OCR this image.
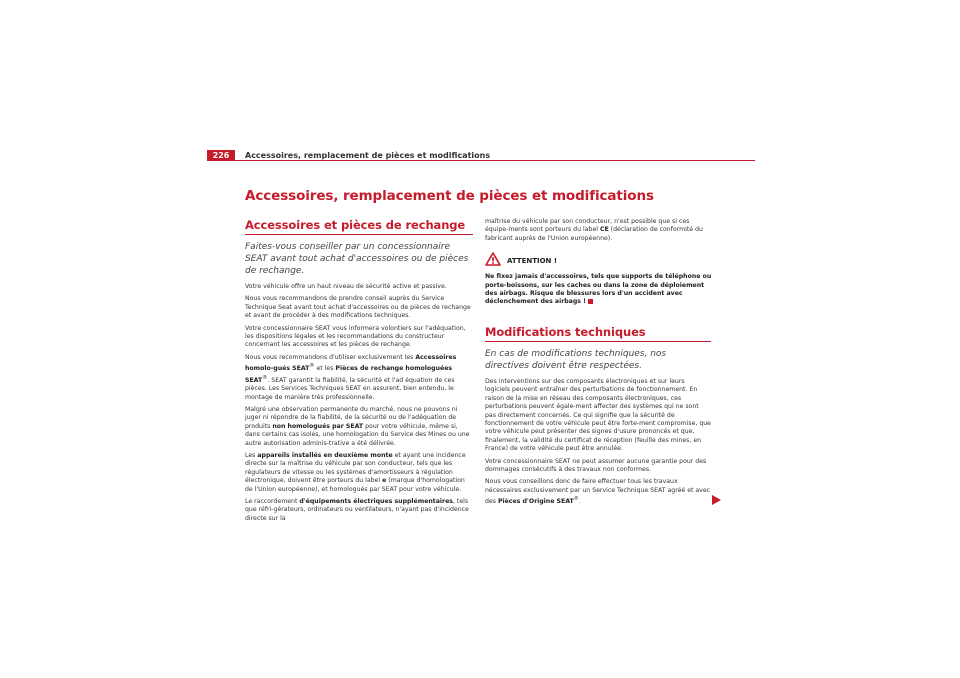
226	Accessoires, remplacement de pièces et modifications
Accessoires, remplacement de pièces et modifications
Accessoires et pièces de rechange

Faites-vous conseiller par un concessionnaire SEAT avant tout achat d'accessoires ou de pièces de rechange.

Votre véhicule offre un haut niveau de sécurité active et passive.

Nous vous recommandons de prendre conseil auprès du Service Technique Seat avant tout achat d'accessoires ou de pièces de rechange et avant de procéder à des modifications techniques.

Votre concessionnaire SEAT vous informera volontiers sur l'adéquation, les dispositions légales et les recommandations du constructeur concernant les accessoires et les pièces de rechange.

Nous vous recommandons d'utiliser exclusivement les Accessoires homolo-gués SEAT® et les Pièces de rechange homologuées SEAT®. SEAT garantit la fiabilité, la sécurité et l'ad équation de ces pièces. Les Services Techniques SEAT en assurent, bien entendu, le montage de manière très professionnelle.

Malgré une observation permanente du marché, nous ne pouvons ni juger ni répondre de la fiabilité, de la sécurité ou de l'adéquation de produits non homologués par SEAT pour votre véhicule, même si, dans certains cas isolés, une homologation du Service des Mines ou une autre autorisation adminis-trative a été délivrée.

Les appareils installés en deuxième monte et ayant une incidence directe sur la maîtrise du véhicule par son conducteur, tels que les régulateurs de vitesse ou les systèmes d'amortisseurs à régulation électronique, doivent être porteurs du label e (marque d'homologation de l'Union européenne), et homologués par SEAT pour votre véhicule.

Le raccordement d'équipements électriques supplémentaires, tels que réfri-gérateurs, ordinateurs ou ventilateurs, n'ayant pas d'incidence directe sur la

maîtrise du véhicule par son conducteur, n'est possible que si ces équipe-ments sont porteurs du label CE (déclaration de conformité du fabricant auprès de l'Union européenne).

ATTENTION !
Ne fixez jamais d'accessoires, tels que supports de téléphone ou porte-boissons, sur les caches ou dans la zone de déploiement des airbags. Risque de blessures lors d'un accident avec déclenchement des airbags !
Modifications techniques

En cas de modifications techniques, nos directives doivent être respectées.

Des interventions sur des composants électroniques et sur leurs logiciels peuvent entraîner des perturbations de fonctionnement. En raison de la mise en réseau des composants électroniques, ces perturbations peuvent égale-ment affecter des systèmes qui ne sont pas directement concernés. Ce qui signifie que la sécurité de fonctionnement de votre véhicule peut être forte-ment compromise, que votre véhicule peut présenter des signes d'usure prononcés et que, finalement, la validité du certificat de réception (feuille des mines, en France) de votre véhicule peut être annulée.

Votre concessionnaire SEAT ne peut assumer aucune garantie pour des dommages consécutifs à des travaux non conformes.

Nous vous conseillons donc de faire effectuer tous les travaux nécessaires exclusivement par un Service Technique SEAT agréé et avec des Pièces d'Origine SEAT®.
